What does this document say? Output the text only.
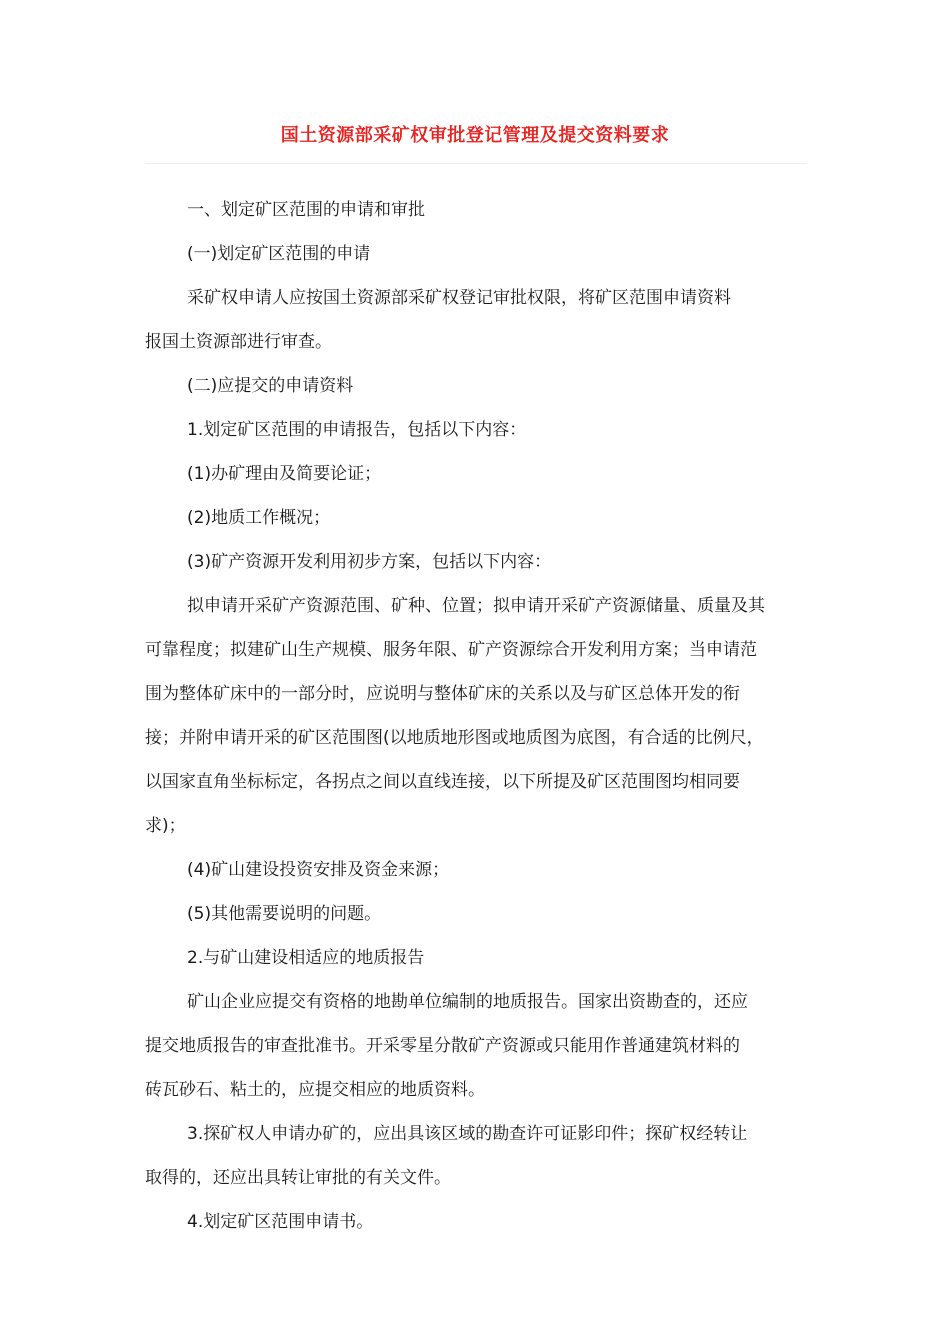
国土资源部采矿权审批登记管理及提交资料要求

一、划定矿区范围的申请和审批

(一)划定矿区范围的申请

采矿权申请人应按国土资源部采矿权登记审批权限，将矿区范围申请资料

报国土资源部进行审查。

(二)应提交的申请资料

1.划定矿区范围的申请报告，包括以下内容：

(1)办矿理由及简要论证；

(2)地质工作概况；

(3)矿产资源开发利用初步方案，包括以下内容：

拟申请开采矿产资源范围、矿种、位置；拟申请开采矿产资源储量、质量及其

可靠程度；拟建矿山生产规模、服务年限、矿产资源综合开发利用方案；当申请范

围为整体矿床中的一部分时，应说明与整体矿床的关系以及与矿区总体开发的衔

接；并附申请开采的矿区范围图(以地质地形图或地质图为底图，有合适的比例尺，

以国家直角坐标标定，各拐点之间以直线连接，以下所提及矿区范围图均相同要

求)；

(4)矿山建设投资安排及资金来源；

(5)其他需要说明的问题。

2.与矿山建设相适应的地质报告

矿山企业应提交有资格的地勘单位编制的地质报告。国家出资勘查的，还应

提交地质报告的审查批准书。开采零星分散矿产资源或只能用作普通建筑材料的

砖瓦砂石、粘土的，应提交相应的地质资料。

3.探矿权人申请办矿的，应出具该区域的勘查许可证影印件；探矿权经转让

取得的，还应出具转让审批的有关文件。

4.划定矿区范围申请书。
